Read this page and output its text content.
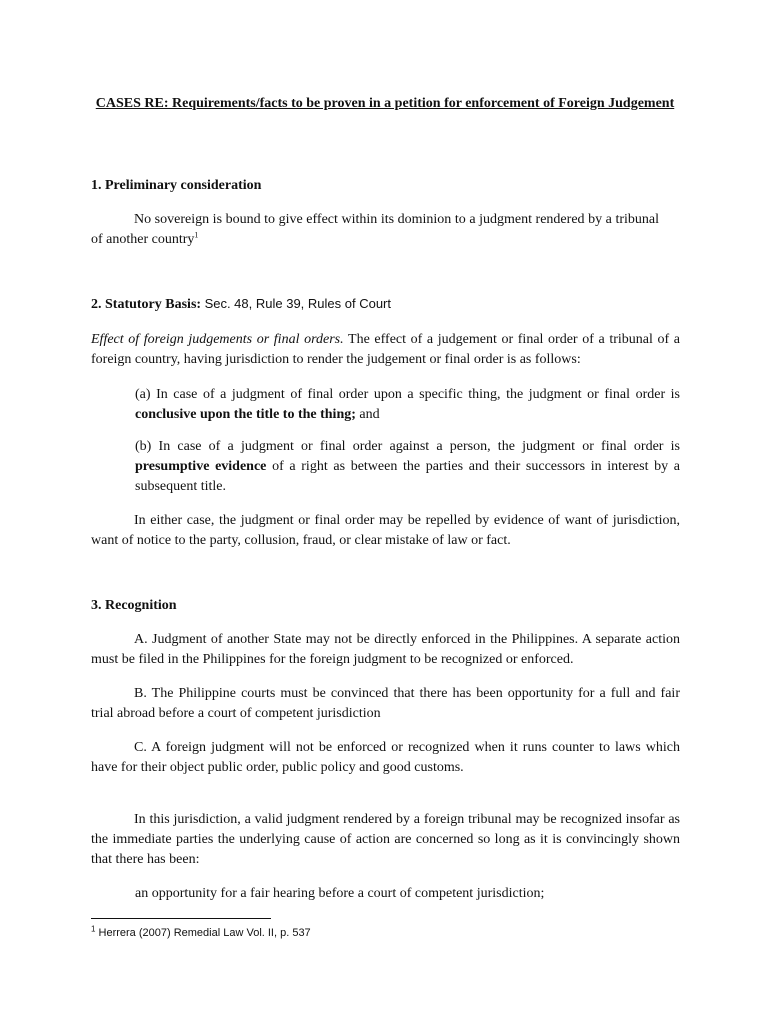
CASES RE: Requirements/facts to be proven in a petition for enforcement of Foreign Judgement
1. Preliminary consideration

No sovereign is bound to give effect within its dominion to a judgment rendered by a tribunal of another country$^1$

2. Statutory Basis: Sec. 48, Rule 39, Rules of Court

Effect of foreign judgements or final orders. The effect of a judgement or final order of a tribunal of a foreign country, having jurisdiction to render the judgement or final order is as follows:

(a) In case of a judgment of final order upon a specific thing, the judgment or final order is conclusive upon the title to the thing; and

(b) In case of a judgment or final order against a person, the judgment or final order is presumptive evidence of a right as between the parties and their successors in interest by a subsequent title.

In either case, the judgment or final order may be repelled by evidence of want of jurisdiction, want of notice to the party, collusion, fraud, or clear mistake of law or fact.

3. Recognition

A. Judgment of another State may not be directly enforced in the Philippines. A separate action must be filed in the Philippines for the foreign judgment to be recognized or enforced.

B. The Philippine courts must be convinced that there has been opportunity for a full and fair trial abroad before a court of competent jurisdiction

C. A foreign judgment will not be enforced or recognized when it runs counter to laws which have for their object public order, public policy and good customs.

In this jurisdiction, a valid judgment rendered by a foreign tribunal may be recognized insofar as the immediate parties the underlying cause of action are concerned so long as it is convincingly shown that there has been:

an opportunity for a fair hearing before a court of competent jurisdiction;

$^1$ Herrera (2007) Remedial Law Vol. II, p. 537
